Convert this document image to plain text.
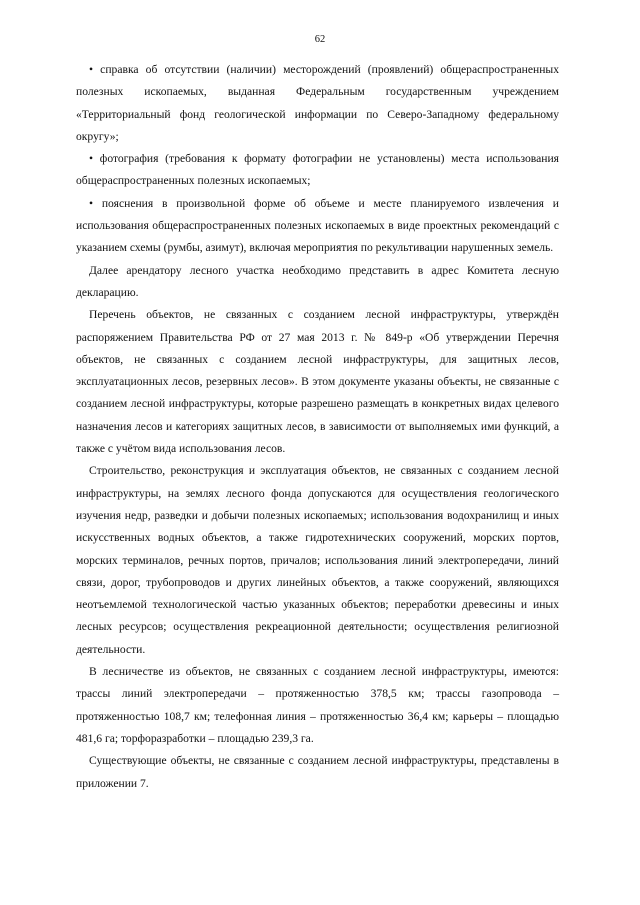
62

• справка об отсутствии (наличии) месторождений (проявлений) общераспространенных полезных ископаемых, выданная Федеральным государственным учреждением «Территориальный фонд геологической информации по Северо-Западному федеральному округу»;

• фотография (требования к формату фотографии не установлены) места использования общераспространенных полезных ископаемых;

• пояснения в произвольной форме об объеме и месте планируемого извлечения и использования общераспространенных полезных ископаемых в виде проектных рекомендаций с указанием схемы (румбы, азимут), включая мероприятия по рекультивации нарушенных земель.

Далее арендатору лесного участка необходимо представить в адрес Комитета лесную декларацию.

Перечень объектов, не связанных с созданием лесной инфраструктуры, утверждён распоряжением Правительства РФ от 27 мая 2013 г. № 849-р «Об утверждении Перечня объектов, не связанных с созданием лесной инфраструктуры, для защитных лесов, эксплуатационных лесов, резервных лесов». В этом документе указаны объекты, не связанные с созданием лесной инфраструктуры, которые разрешено размещать в конкретных видах целевого назначения лесов и категориях защитных лесов, в зависимости от выполняемых ими функций, а также с учётом вида использования лесов.

Строительство, реконструкция и эксплуатация объектов, не связанных с созданием лесной инфраструктуры, на землях лесного фонда допускаются для осуществления геологического изучения недр, разведки и добычи полезных ископаемых; использования водохранилищ и иных искусственных водных объектов, а также гидротехнических сооружений, морских портов, морских терминалов, речных портов, причалов; использования линий электропередачи, линий связи, дорог, трубопроводов и других линейных объектов, а также сооружений, являющихся неотъемлемой технологической частью указанных объектов; переработки древесины и иных лесных ресурсов; осуществления рекреационной деятельности; осуществления религиозной деятельности.

В лесничестве из объектов, не связанных с созданием лесной инфраструктуры, имеются: трассы линий электропередачи – протяженностью 378,5 км; трассы газопровода – протяженностью 108,7 км; телефонная линия – протяженностью 36,4 км; карьеры – площадью 481,6 га; торфоразработки – площадью 239,3 га.

Существующие объекты, не связанные с созданием лесной инфраструктуры, представлены в приложении 7.
